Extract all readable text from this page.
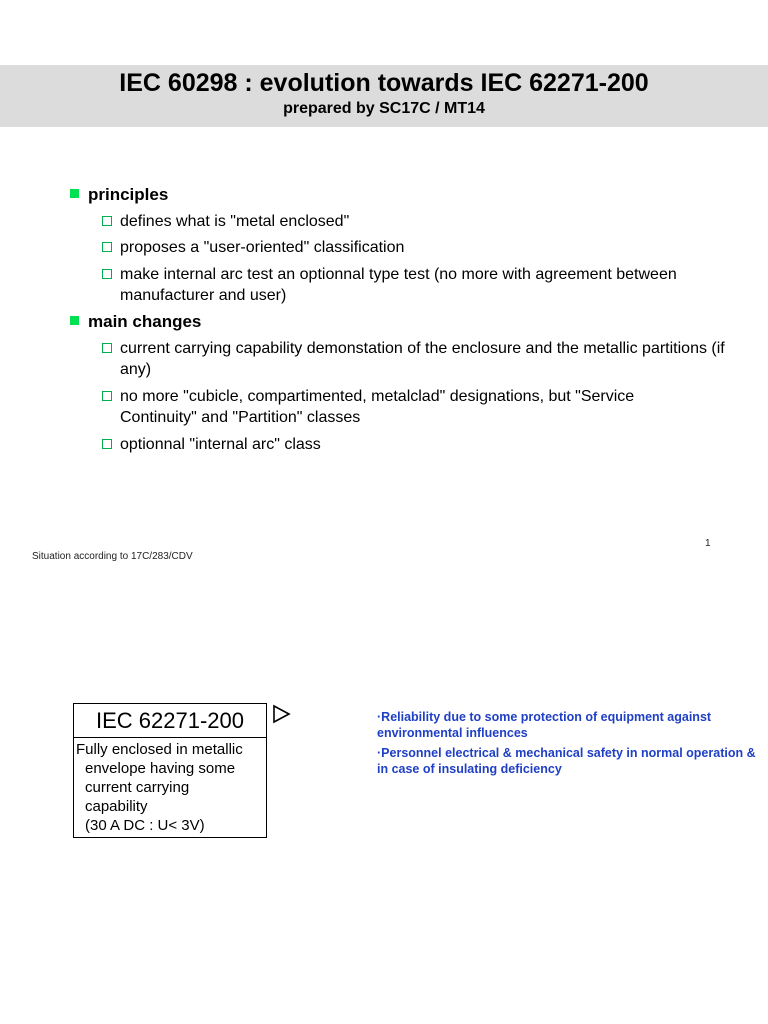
IEC 60298 : evolution towards IEC 62271-200
prepared by SC17C / MT14
principles
defines what is "metal enclosed"
proposes a "user-oriented" classification
make internal arc test an optionnal type test (no more with agreement between manufacturer and user)
main changes
current carrying capability demonstation of the enclosure and the metallic partitions (if any)
no more "cubicle, compartimented, metalclad" designations, but "Service Continuity" and "Partition" classes
optionnal "internal arc" class
1
Situation according to 17C/283/CDV
IEC 62271-200
Fully enclosed in metallic
envelope having some
current carrying
capability
(30 A DC : U< 3V)
·Reliability due to some protection of equipment against environmental influences
·Personnel electrical & mechanical safety in normal operation & in case of insulating deficiency
